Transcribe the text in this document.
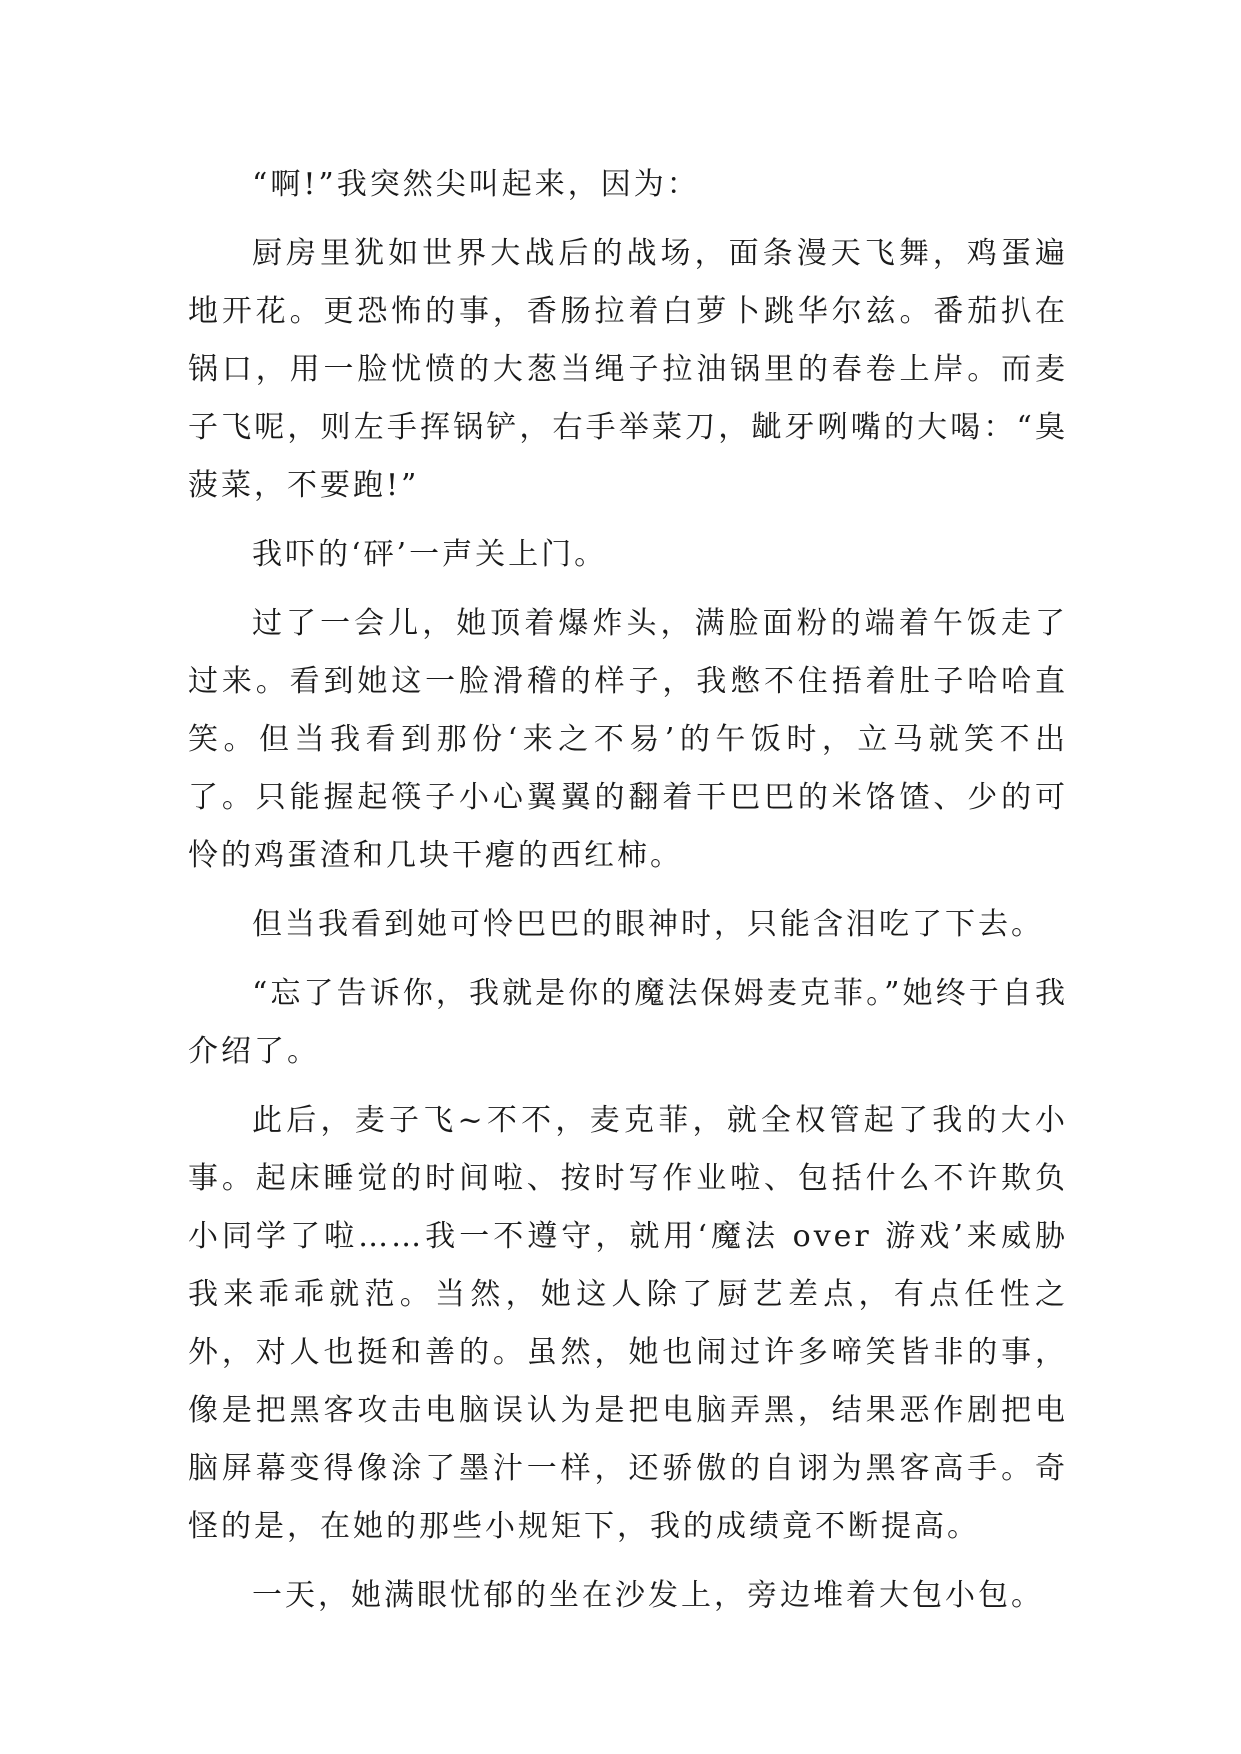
“啊!”我突然尖叫起来，因为：

厨房里犹如世界大战后的战场，面条漫天飞舞，鸡蛋遍地开花。更恐怖的事，香肠拉着白萝卜跳华尔兹。番茄扒在锅口，用一脸忧愤的大葱当绳子拉油锅里的春卷上岸。而麦子飞呢，则左手挥锅铲，右手举菜刀，龇牙咧嘴的大喝：“臭菠菜，不要跑!”

我吓的‘砰’一声关上门。

过了一会儿，她顶着爆炸头，满脸面粉的端着午饭走了过来。看到她这一脸滑稽的样子，我憋不住捂着肚子哈哈直笑。但当我看到那份‘来之不易’的午饭时，立马就笑不出了。只能握起筷子小心翼翼的翻着干巴巴的米饹馇、少的可怜的鸡蛋渣和几块干瘪的西红柿。

但当我看到她可怜巴巴的眼神时，只能含泪吃了下去。

“忘了告诉你，我就是你的魔法保姆麦克菲。”她终于自我介绍了。

此后，麦子飞~不不，麦克菲，就全权管起了我的大小事。起床睡觉的时间啦、按时写作业啦、包括什么不许欺负小同学了啦……我一不遵守，就用‘魔法 over 游戏’来威胁我来乖乖就范。当然，她这人除了厨艺差点，有点任性之外，对人也挺和善的。虽然，她也闹过许多啼笑皆非的事，像是把黑客攻击电脑误认为是把电脑弄黑，结果恶作剧把电脑屏幕变得像涂了墨汁一样，还骄傲的自诩为黑客高手。奇怪的是，在她的那些小规矩下，我的成绩竟不断提高。

一天，她满眼忧郁的坐在沙发上，旁边堆着大包小包。
